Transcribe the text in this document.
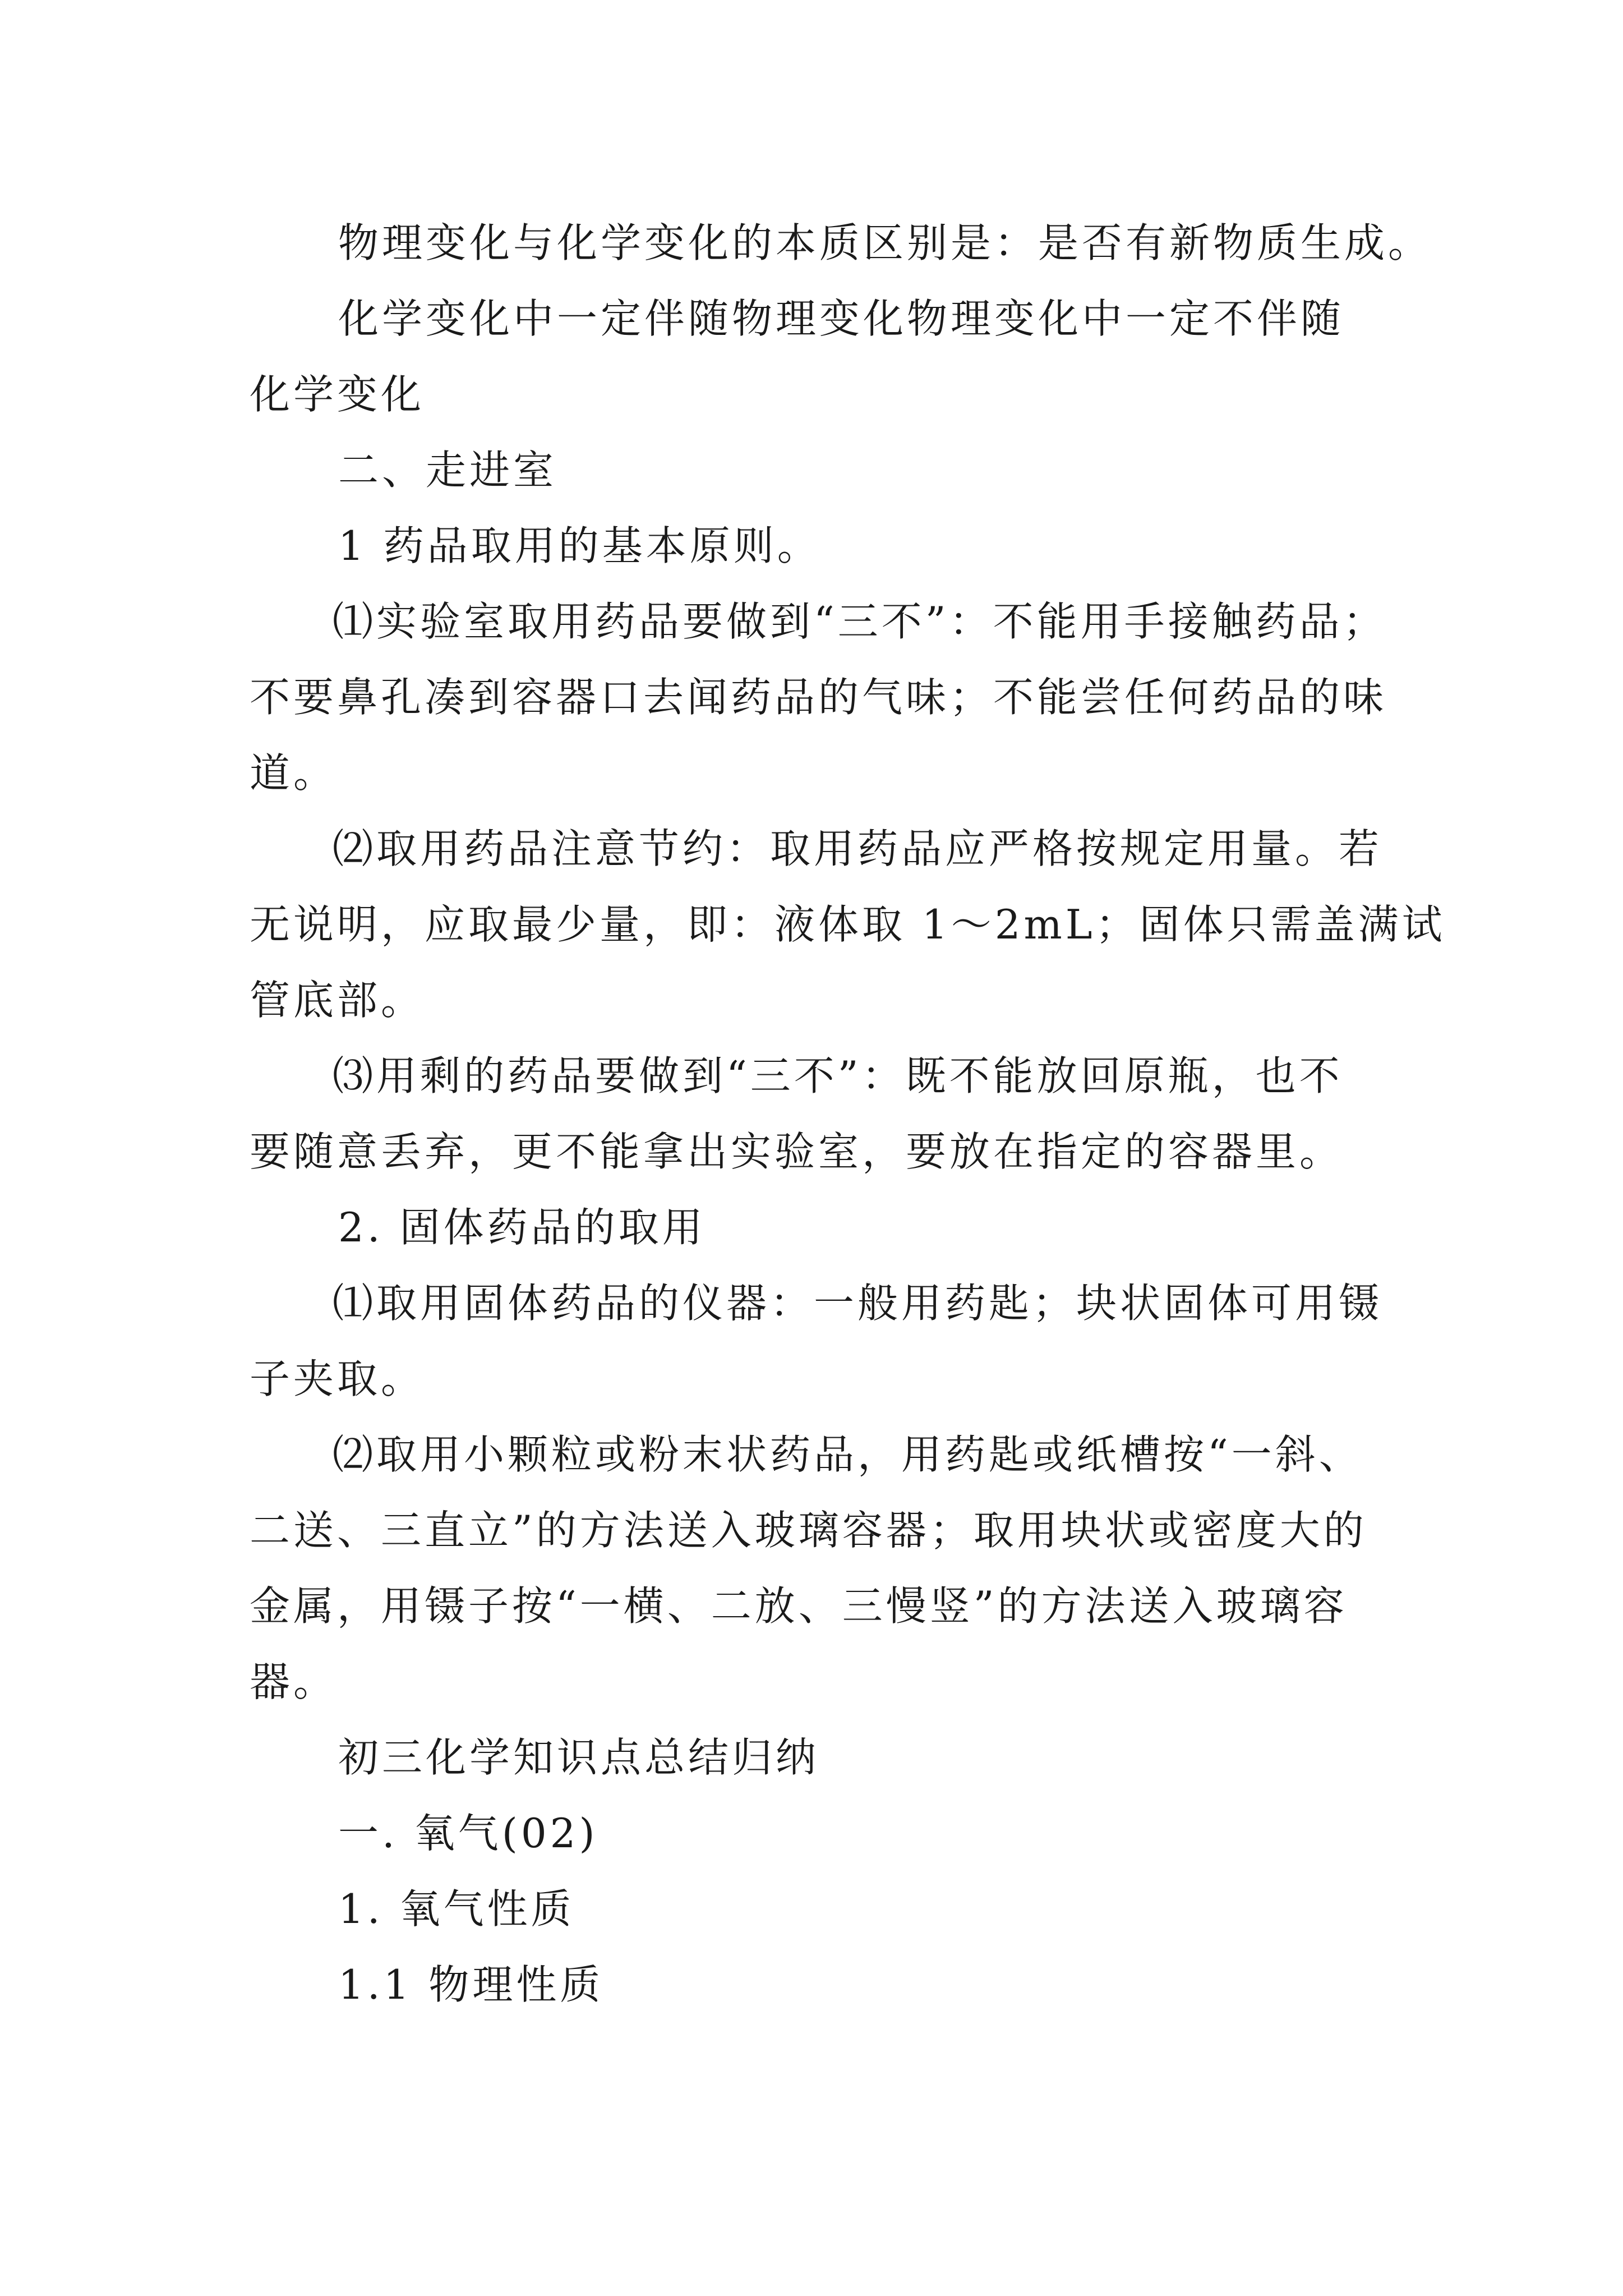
物理变化与化学变化的本质区别是：是否有新物质生成。
化学变化中一定伴随物理变化物理变化中一定不伴随
化学变化
二、走进室
1 药品取用的基本原则。
⑴实验室取用药品要做到“三不”：不能用手接触药品；
不要鼻孔凑到容器口去闻药品的气味；不能尝任何药品的味
道。
⑵取用药品注意节约：取用药品应严格按规定用量。若
无说明，应取最少量，即：液体取 1～2mL；固体只需盖满试
管底部。
⑶用剩的药品要做到“三不”：既不能放回原瓶，也不
要随意丢弃，更不能拿出实验室，要放在指定的容器里。
2. 固体药品的取用
⑴取用固体药品的仪器：一般用药匙；块状固体可用镊
子夹取。
⑵取用小颗粒或粉末状药品，用药匙或纸槽按“一斜、
二送、三直立”的方法送入玻璃容器；取用块状或密度大的
金属，用镊子按“一横、二放、三慢竖”的方法送入玻璃容
器。
初三化学知识点总结归纳
一. 氧气(02)
1. 氧气性质
1.1 物理性质
